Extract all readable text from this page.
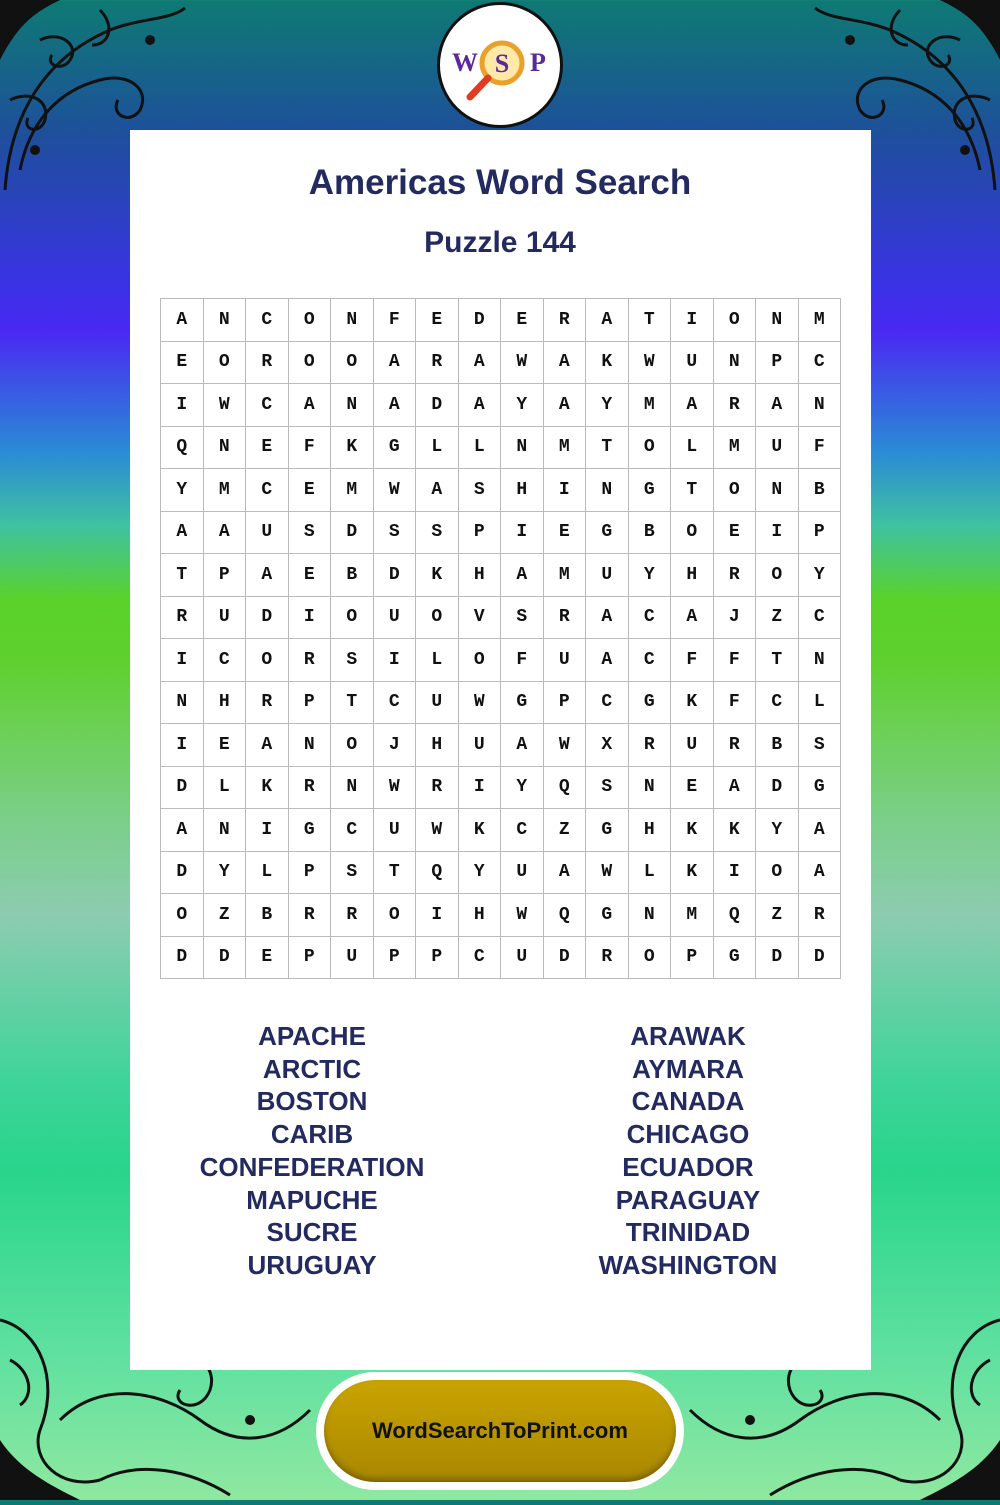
W S P
Americas Word Search
Puzzle 144
A	N	C	O	N	F	E	D	E	R	A	T	I	O	N	M
E	O	R	O	O	A	R	A	W	A	K	W	U	N	P	C
I	W	C	A	N	A	D	A	Y	A	Y	M	A	R	A	N
Q	N	E	F	K	G	L	L	N	M	T	O	L	M	U	F
Y	M	C	E	M	W	A	S	H	I	N	G	T	O	N	B
A	A	U	S	D	S	S	P	I	E	G	B	O	E	I	P
T	P	A	E	B	D	K	H	A	M	U	Y	H	R	O	Y
R	U	D	I	O	U	O	V	S	R	A	C	A	J	Z	C
I	C	O	R	S	I	L	O	F	U	A	C	F	F	T	N
N	H	R	P	T	C	U	W	G	P	C	G	K	F	C	L
I	E	A	N	O	J	H	U	A	W	X	R	U	R	B	S
D	L	K	R	N	W	R	I	Y	Q	S	N	E	A	D	G
A	N	I	G	C	U	W	K	C	Z	G	H	K	K	Y	A
D	Y	L	P	S	T	Q	Y	U	A	W	L	K	I	O	A
O	Z	B	R	R	O	I	H	W	Q	G	N	M	Q	Z	R
D	D	E	P	U	P	P	C	U	D	R	O	P	G	D	D
APACHE
ARCTIC
BOSTON
CARIB
CONFEDERATION
MAPUCHE
SUCRE
URUGUAY
ARAWAK
AYMARA
CANADA
CHICAGO
ECUADOR
PARAGUAY
TRINIDAD
WASHINGTON
WordSearchToPrint.com
